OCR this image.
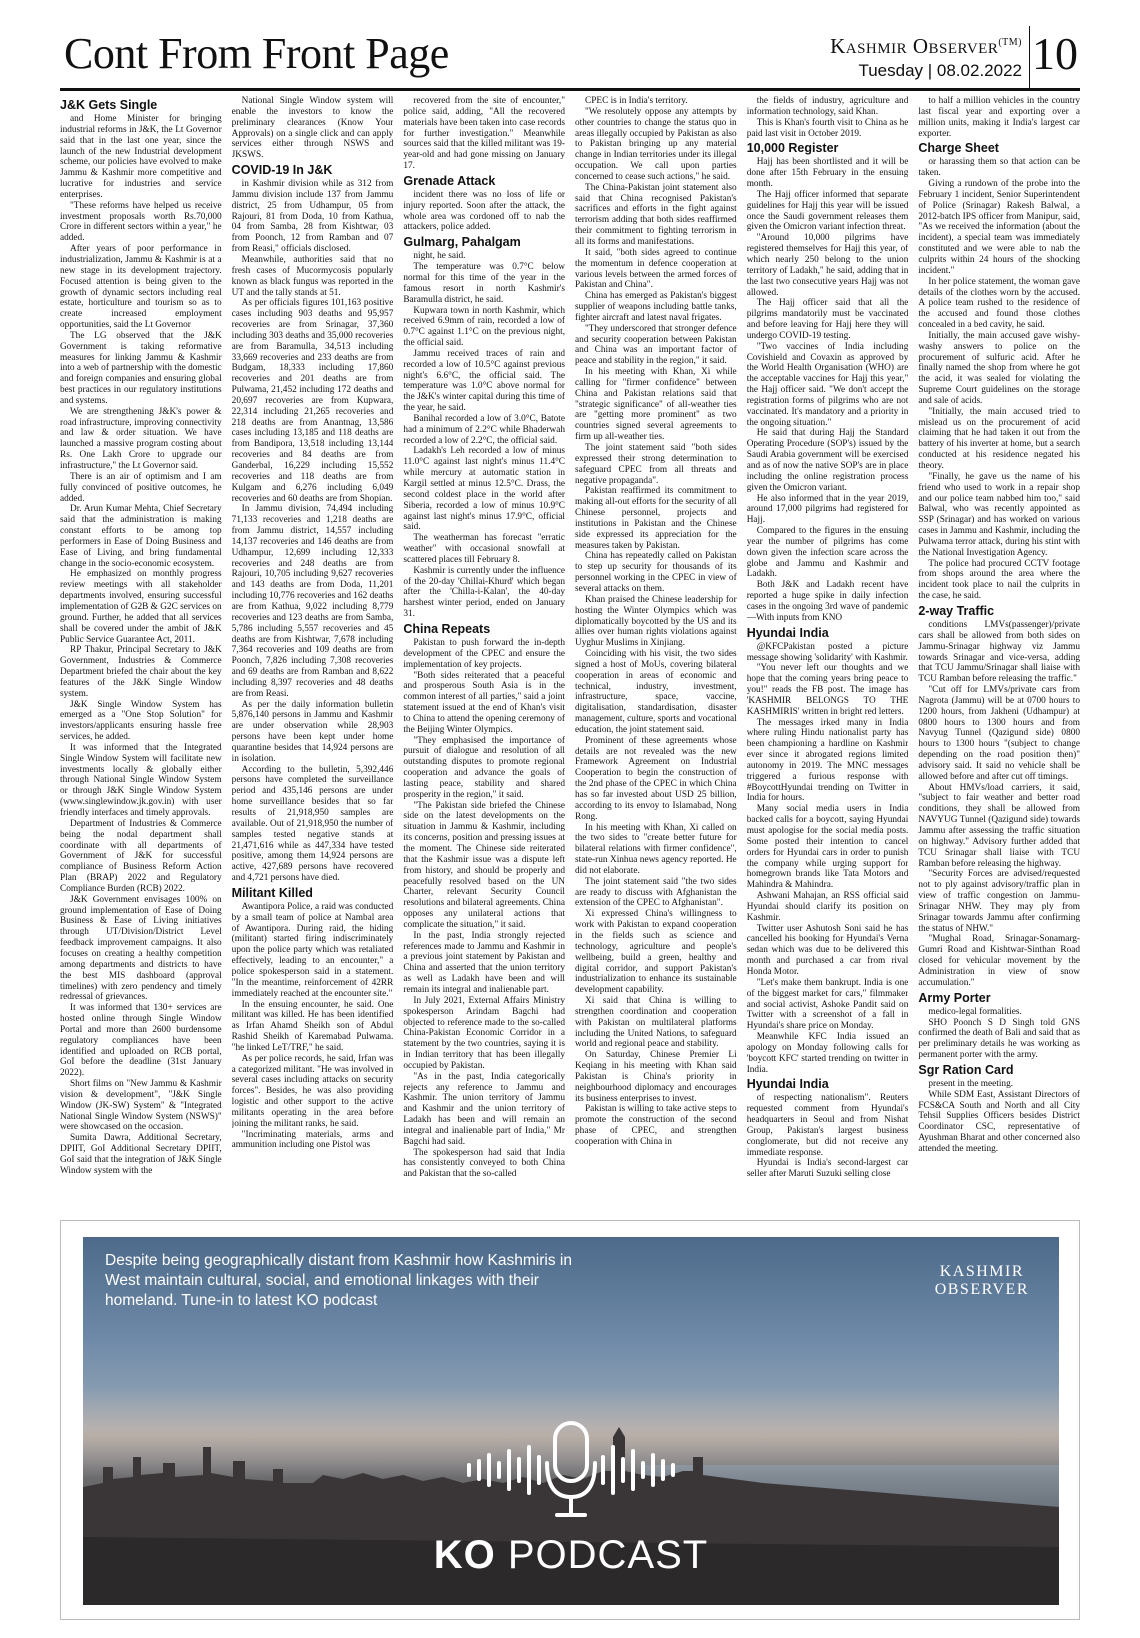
Cont From Front Page	Kashmir Observer$^{(TM)}$
Tuesday | 08.02.2022 10
J&K Gets Single

and Home Minister for bringing industrial reforms in J&K, the Lt Governor said that in the last one year, since the launch of the new Industrial development scheme, our policies have evolved to make Jammu & Kashmir more competitive and lucrative for industries and service enterprises.

"These reforms have helped us receive investment proposals worth Rs.70,000 Crore in different sectors within a year," he added.

After years of poor performance in industrialization, Jammu & Kashmir is at a new stage in its development trajectory. Focused attention is being given to the growth of dynamic sectors including real estate, horticulture and tourism so as to create increased employment opportunities, said the Lt Governor

The LG observed that the J&K Government is taking reformative measures for linking Jammu & Kashmir into a web of partnership with the domestic and foreign companies and ensuring global best practices in our regulatory institutions and systems.

We are strengthening J&K's power & road infrastructure, improving connectivity and law & order situation. We have launched a massive program costing about Rs. One Lakh Crore to upgrade our infrastructure," the Lt Governor said.

There is an air of optimism and I am fully convinced of positive outcomes, he added.

Dr. Arun Kumar Mehta, Chief Secretary said that the administration is making constant efforts to be among top performers in Ease of Doing Business and Ease of Living, and bring fundamental change in the socio-economic ecosystem.

He emphasized on monthly progress review meetings with all stakeholder departments involved, ensuring successful implementation of G2B & G2C services on ground. Further, he added that all services shall be covered under the ambit of J&K Public Service Guarantee Act, 2011.

RP Thakur, Principal Secretary to J&K Government, Industries & Commerce Department briefed the chair about the key features of the J&K Single Window system.

J&K Single Window System has emerged as a "One Stop Solution" for investors/applicants ensuring hassle free services, he added.

It was informed that the Integrated Single Window System will facilitate new investments locally & globally either through National Single Window System or through J&K Single Window System (www.singlewindow.jk.gov.in) with user friendly interfaces and timely approvals.

Department of Industries & Commerce being the nodal department shall coordinate with all departments of Government of J&K for successful compliance of Business Reform Action Plan (BRAP) 2022 and Regulatory Compliance Burden (RCB) 2022.

J&K Government envisages 100% on ground implementation of Ease of Doing Business & Ease of Living initiatives through UT/Division/District Level feedback improvement campaigns. It also focuses on creating a healthy competition among departments and districts to have the best MIS dashboard (approval timelines) with zero pendency and timely redressal of grievances.

It was informed that 130+ services are hosted online through Single Window Portal and more than 2600 burdensome regulatory compliances have been identified and uploaded on RCB portal, GoI before the deadline (31st January 2022).

Short films on "New Jammu & Kashmir vision & development", "J&K Single Window (JK-SW) System" & "Integrated National Single Window System (NSWS)" were showcased on the occasion.

Sumita Dawra, Additional Secretary, DPIIT, GoI Additional Secretary DPIIT, GoI said that the integration of J&K Single Window system with the

National Single Window system will enable the investors to know the preliminary clearances (Know Your Approvals) on a single click and can apply services either through NSWS and JKSWS.

COVID-19 In J&K

in Kashmir division while as 312 from Jammu division include 137 from Jammu district, 25 from Udhampur, 05 from Rajouri, 81 from Doda, 10 from Kathua, 04 from Samba, 28 from Kishtwar, 03 from Poonch, 12 from Ramban and 07 from Reasi," officials disclosed.

Meanwhile, authorities said that no fresh cases of Mucormycosis popularly known as black fungus was reported in the UT and the tally stands at 51.

As per officials figures 101,163 positive cases including 903 deaths and 95,957 recoveries are from Srinagar, 37,360 including 303 deaths and 35,000 recoveries are from Baramulla, 34,513 including 33,669 recoveries and 233 deaths are from Budgam, 18,333 including 17,860 recoveries and 201 deaths are from Pulwama, 21,452 including 172 deaths and 20,697 recoveries are from Kupwara, 22,314 including 21,265 recoveries and 218 deaths are from Anantnag, 13,586 cases including 13,185 and 118 deaths are from Bandipora, 13,518 including 13,144 recoveries and 84 deaths are from Ganderbal, 16,229 including 15,552 recoveries and 118 deaths are from Kulgam and 6,276 including 6,049 recoveries and 60 deaths are from Shopian.

In Jammu division, 74,494 including 71,133 recoveries and 1,218 deaths are from Jammu district, 14,557 including 14,137 recoveries and 146 deaths are from Udhampur, 12,699 including 12,333 recoveries and 248 deaths are from Rajouri, 10,705 including 9,627 recoveries and 143 deaths are from Doda, 11,201 including 10,776 recoveries and 162 deaths are from Kathua, 9,022 including 8,779 recoveries and 123 deaths are from Samba, 5,786 including 5,557 recoveries and 45 deaths are from Kishtwar, 7,678 including 7,364 recoveries and 109 deaths are from Poonch, 7,826 including 7,308 recoveries and 69 deaths are from Ramban and 8,622 including 8,397 recoveries and 48 deaths are from Reasi.

As per the daily information bulletin 5,876,140 persons in Jammu and Kashmir are under observation while 28,903 persons have been kept under home quarantine besides that 14,924 persons are in isolation.

According to the bulletin, 5,392,446 persons have completed the surveillance period and 435,146 persons are under home surveillance besides that so far results of 21,918,950 samples are available. Out of 21,918,950 the number of samples tested negative stands at 21,471,616 while as 447,334 have tested positive, among them 14,924 persons are active, 427,689 persons have recovered and 4,721 persons have died.

Militant Killed

Awantipora Police, a raid was conducted by a small team of police at Nambal area of Awantipora. During raid, the hiding (militant) started firing indiscriminately upon the police party which was retaliated effectively, leading to an encounter," a police spokesperson said in a statement. "In the meantime, reinforcement of 42RR immediately reached at the encounter site."

In the ensuing encounter, he said. One militant was killed. He has been identified as Irfan Ahamd Sheikh son of Abdul Rashid Sheikh of Karemabad Pulwama. "he linked LeT/TRF," he said.

As per police records, he said, Irfan was a categorized militant. "He was involved in several cases including attacks on security forces". Besides, he was also providing logistic and other support to the active militants operating in the area before joining the militant ranks, he said.

"Incriminating materials, arms and ammunition including one Pistol was

recovered from the site of encounter," police said, adding, "All the recovered materials have been taken into case records for further investigation." Meanwhile sources said that the killed militant was 19-year-old and had gone missing on January 17.

Grenade Attack

incident there was no loss of life or injury reported. Soon after the attack, the whole area was cordoned off to nab the attackers, police added.

Gulmarg, Pahalgam

night, he said.

The temperature was 0.7°C below normal for this time of the year in the famous resort in north Kashmir's Baramulla district, he said.

Kupwara town in north Kashmir, which received 6.9mm of rain, recorded a low of 0.7°C against 1.1°C on the previous night, the official said.

Jammu received traces of rain and recorded a low of 10.5°C against previous night's 6.6°C, the official said. The temperature was 1.0°C above normal for the J&K's winter capital during this time of the year, he said.

Banihal recorded a low of 3.0°C, Batote had a minimum of 2.2°C while Bhaderwah recorded a low of 2.2°C, the official said.

Ladakh's Leh recorded a low of minus 11.0°C against last night's minus 11.4°C while mercury at automatic station in Kargil settled at minus 12.5°C. Drass, the second coldest place in the world after Siberia, recorded a low of minus 10.9°C against last night's minus 17.9°C, official said.

The weatherman has forecast "erratic weather" with occasional snowfall at scattered places till February 8.

Kashmir is currently under the influence of the 20-day 'Chillai-Khurd' which began after the 'Chilla-i-Kalan', the 40-day harshest winter period, ended on January 31.

China Repeats

Pakistan to push forward the in-depth development of the CPEC and ensure the implementation of key projects.

"Both sides reiterated that a peaceful and prosperous South Asia is in the common interest of all parties," said a joint statement issued at the end of Khan's visit to China to attend the opening ceremony of the Beijing Winter Olympics.

"They emphasised the importance of pursuit of dialogue and resolution of all outstanding disputes to promote regional cooperation and advance the goals of lasting peace, stability and shared prosperity in the region," it said.

"The Pakistan side briefed the Chinese side on the latest developments on the situation in Jammu & Kashmir, including its concerns, position and pressing issues at the moment. The Chinese side reiterated that the Kashmir issue was a dispute left from history, and should be properly and peacefully resolved based on the UN Charter, relevant Security Council resolutions and bilateral agreements. China opposes any unilateral actions that complicate the situation," it said.

In the past, India strongly rejected references made to Jammu and Kashmir in a previous joint statement by Pakistan and China and asserted that the union territory as well as Ladakh have been and will remain its integral and inalienable part.

In July 2021, External Affairs Ministry spokesperson Arindam Bagchi had objected to reference made to the so-called China-Pakistan Economic Corridor in a statement by the two countries, saying it is in Indian territory that has been illegally occupied by Pakistan.

"As in the past, India categorically rejects any reference to Jammu and Kashmir. The union territory of Jammu and Kashmir and the union territory of Ladakh has been and will remain an integral and inalienable part of India," Mr Bagchi had said.

The spokesperson had said that India has consistently conveyed to both China and Pakistan that the so-called

CPEC is in India's territory.

"We resolutely oppose any attempts by other countries to change the status quo in areas illegally occupied by Pakistan as also to Pakistan bringing up any material change in Indian territories under its illegal occupation. We call upon parties concerned to cease such actions," he said.

The China-Pakistan joint statement also said that China recognised Pakistan's sacrifices and efforts in the fight against terrorism adding that both sides reaffirmed their commitment to fighting terrorism in all its forms and manifestations.

It said, "both sides agreed to continue the momentum in defence cooperation at various levels between the armed forces of Pakistan and China".

China has emerged as Pakistan's biggest supplier of weapons including battle tanks, fighter aircraft and latest naval frigates.

"They underscored that stronger defence and security cooperation between Pakistan and China was an important factor of peace and stability in the region," it said.

In his meeting with Khan, Xi while calling for "firmer confidence" between China and Pakistan relations said that "strategic significance" of all-weather ties are "getting more prominent" as two countries signed several agreements to firm up all-weather ties.

The joint statement said "both sides expressed their strong determination to safeguard CPEC from all threats and negative propaganda".

Pakistan reaffirmed its commitment to making all-out efforts for the security of all Chinese personnel, projects and institutions in Pakistan and the Chinese side expressed its appreciation for the measures taken by Pakistan.

China has repeatedly called on Pakistan to step up security for thousands of its personnel working in the CPEC in view of several attacks on them.

Khan praised the Chinese leadership for hosting the Winter Olympics which was diplomatically boycotted by the US and its allies over human rights violations against Uyghur Muslims in Xinjiang.

Coinciding with his visit, the two sides signed a host of MoUs, covering bilateral cooperation in areas of economic and technical, industry, investment, infrastructure, space, vaccine, digitalisation, standardisation, disaster management, culture, sports and vocational education, the joint statement said.

Prominent of these agreements whose details are not revealed was the new Framework Agreement on Industrial Cooperation to begin the construction of the 2nd phase of the CPEC in which China has so far invested about USD 25 billion, according to its envoy to Islamabad, Nong Rong.

In his meeting with Khan, Xi called on the two sides to "create better future for bilateral relations with firmer confidence", state-run Xinhua news agency reported. He did not elaborate.

The joint statement said "the two sides are ready to discuss with Afghanistan the extension of the CPEC to Afghanistan".

Xi expressed China's willingness to work with Pakistan to expand cooperation in the fields such as science and technology, agriculture and people's wellbeing, build a green, healthy and digital corridor, and support Pakistan's industrialization to enhance its sustainable development capability.

Xi said that China is willing to strengthen coordination and cooperation with Pakistan on multilateral platforms including the United Nations, to safeguard world and regional peace and stability.

On Saturday, Chinese Premier Li Keqiang in his meeting with Khan said Pakistan is China's priority in neighbourhood diplomacy and encourages its business enterprises to invest.

Pakistan is willing to take active steps to promote the construction of the second phase of CPEC, and strengthen cooperation with China in

the fields of industry, agriculture and information technology, said Khan.

This is Khan's fourth visit to China as he paid last visit in October 2019.

10,000 Register

Hajj has been shortlisted and it will be done after 15th February in the ensuing month.

The Hajj officer informed that separate guidelines for Hajj this year will be issued once the Saudi government releases them given the Omicron variant infection threat.

"Around 10,000 pilgrims have registered themselves for Hajj this year, of which nearly 250 belong to the union territory of Ladakh," he said, adding that in the last two consecutive years Hajj was not allowed.

The Hajj officer said that all the pilgrims mandatorily must be vaccinated and before leaving for Hajj here they will undergo COVID-19 testing.

"Two vaccines of India including Covishield and Covaxin as approved by the World Health Organisation (WHO) are the acceptable vaccines for Hajj this year," the Hajj officer said. "We don't accept the registration forms of pilgrims who are not vaccinated. It's mandatory and a priority in the ongoing situation."

He said that during Hajj the Standard Operating Procedure (SOP's) issued by the Saudi Arabia government will be exercised and as of now the native SOP's are in place including the online registration process given the Omicron variant.

He also informed that in the year 2019, around 17,000 pilgrims had registered for Hajj.

Compared to the figures in the ensuing year the number of pilgrims has come down given the infection scare across the globe and Jammu and Kashmir and Ladakh.

Both J&K and Ladakh recent have reported a huge spike in daily infection cases in the ongoing 3rd wave of pandemic—With inputs from KNO

Hyundai India

@KFCPakistan posted a picture message showing 'solidarity' with Kashmir.

"You never left our thoughts and we hope that the coming years bring peace to you!" reads the FB post. The image has 'KASHMIR BELONGS TO THE KASHMIRIS' written in bright red letters.

The messages irked many in India where ruling Hindu nationalist party has been championing a hardline on Kashmir ever since it abrogated regions limited autonomy in 2019. The MNC messages triggered a furious response with #BoycottHyundai trending on Twitter in India for hours.

Many social media users in India backed calls for a boycott, saying Hyundai must apologise for the social media posts. Some posted their intention to cancel orders for Hyundai cars in order to punish the company while urging support for homegrown brands like Tata Motors and Mahindra & Mahindra.

Ashwani Mahajan, an RSS official said Hyundai should clarify its position on Kashmir.

Twitter user Ashutosh Soni said he has cancelled his booking for Hyundai's Verna sedan which was due to be delivered this month and purchased a car from rival Honda Motor.

"Let's make them bankrupt. India is one of the biggest market for cars," filmmaker and social activist, Ashoke Pandit said on Twitter with a screenshot of a fall in Hyundai's share price on Monday.

Meanwhile KFC India issued an apology on Monday following calls for 'boycott KFC' started trending on twitter in India.

Hyundai India

of respecting nationalism". Reuters requested comment from Hyundai's headquarters in Seoul and from Nishat Group, Pakistan's largest business conglomerate, but did not receive any immediate response.

Hyundai is India's second-largest car seller after Maruti Suzuki selling close

to half a million vehicles in the country last fiscal year and exporting over a million units, making it India's largest car exporter.

Charge Sheet

or harassing them so that action can be taken.

Giving a rundown of the probe into the February 1 incident, Senior Superintendent of Police (Srinagar) Rakesh Balwal, a 2012-batch IPS officer from Manipur, said, "As we received the information (about the incident), a special team was immediately constituted and we were able to nab the culprits within 24 hours of the shocking incident."

In her police statement, the woman gave details of the clothes worn by the accused. A police team rushed to the residence of the accused and found those clothes concealed in a bed cavity, he said.

Initially, the main accused gave wishy-washy answers to police on the procurement of sulfuric acid. After he finally named the shop from where he got the acid, it was sealed for violating the Supreme Court guidelines on the storage and sale of acids.

"Initially, the main accused tried to mislead us on the procurement of acid claiming that he had taken it out from the battery of his inverter at home, but a search conducted at his residence negated his theory.

"Finally, he gave us the name of his friend who used to work in a repair shop and our police team nabbed him too," said Balwal, who was recently appointed as SSP (Srinagar) and has worked on various cases in Jammu and Kashmir, including the Pulwama terror attack, during his stint with the National Investigation Agency.

The police had procured CCTV footage from shops around the area where the incident took place to nail the culprits in the case, he said.

2-way Traffic

conditions LMVs(passenger)/private cars shall be allowed from both sides on Jammu-Srinagar highway viz Jammu towards Srinagar and vice-versa, adding that TCU Jammu/Srinagar shall liaise with TCU Ramban before releasing the traffic."

"Cut off for LMVs/private cars from Nagrota (Jammu) will be at 0700 hours to 1200 hours, from Jakheni (Udhampur) at 0800 hours to 1300 hours and from Navyug Tunnel (Qazigund side) 0800 hours to 1300 hours "(subject to change depending on the road position then)" advisory said. It said no vehicle shall be allowed before and after cut off timings.

About HMVs/load carriers, it said, "subject to fair weather and better road conditions, they shall be allowed from NAVYUG Tunnel (Qazigund side) towards Jammu after assessing the traffic situation on highway." Advisory further added that TCU Srinagar shall liaise with TCU Ramban before releasing the highway.

"Security Forces are advised/requested not to ply against advisory/traffic plan in view of traffic congestion on Jammu-Srinagar NHW. They may ply from Srinagar towards Jammu after confirming the status of NHW."

"Mughal Road, Srinagar-Sonamarg-Gumri Road and Kishtwar-Sinthan Road closed for vehicular movement by the Administration in view of snow accumulation."

Army Porter

medico-legal formalities.

SHO Poonch S D Singh told GNS confirmed the death of Bali and said that as per preliminary details he was working as permanent porter with the army.

Sgr Ration Card

present in the meeting.

While SDM East, Assistant Directors of FCS&CA South and North and all City Tehsil Supplies Officers besides District Coordinator CSC, representative of Ayushman Bharat and other concerned also attended the meeting.

Despite being geographically distant from Kashmir how Kashmiris in West maintain cultural, social, and emotional linkages with their homeland. Tune-in to latest KO podcast
KASHMIR
OBSERVER
KO PODCAST
